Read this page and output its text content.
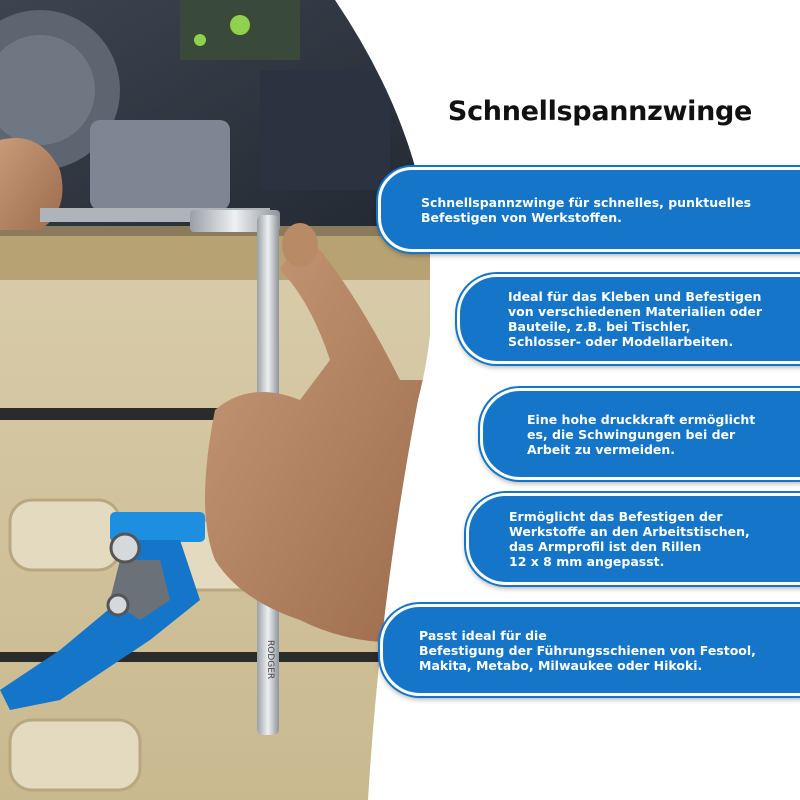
RODGER
Schnellspannzwinge
Schnellspannzwinge für schnelles, punktuelles
Befestigen von Werkstoffen.
Ideal für das Kleben und Befestigen
von verschiedenen Materialien oder
Bauteile, z.B. bei Tischler,
Schlosser- oder Modellarbeiten.
Eine hohe druckkraft ermöglicht
es, die Schwingungen bei der
Arbeit zu vermeiden.
Ermöglicht das Befestigen der
Werkstoffe an den Arbeitstischen,
das Armprofil ist den Rillen
12 x 8 mm angepasst.
Passt ideal für die
Befestigung der Führungsschienen von Festool,
Makita, Metabo, Milwaukee oder Hikoki.
